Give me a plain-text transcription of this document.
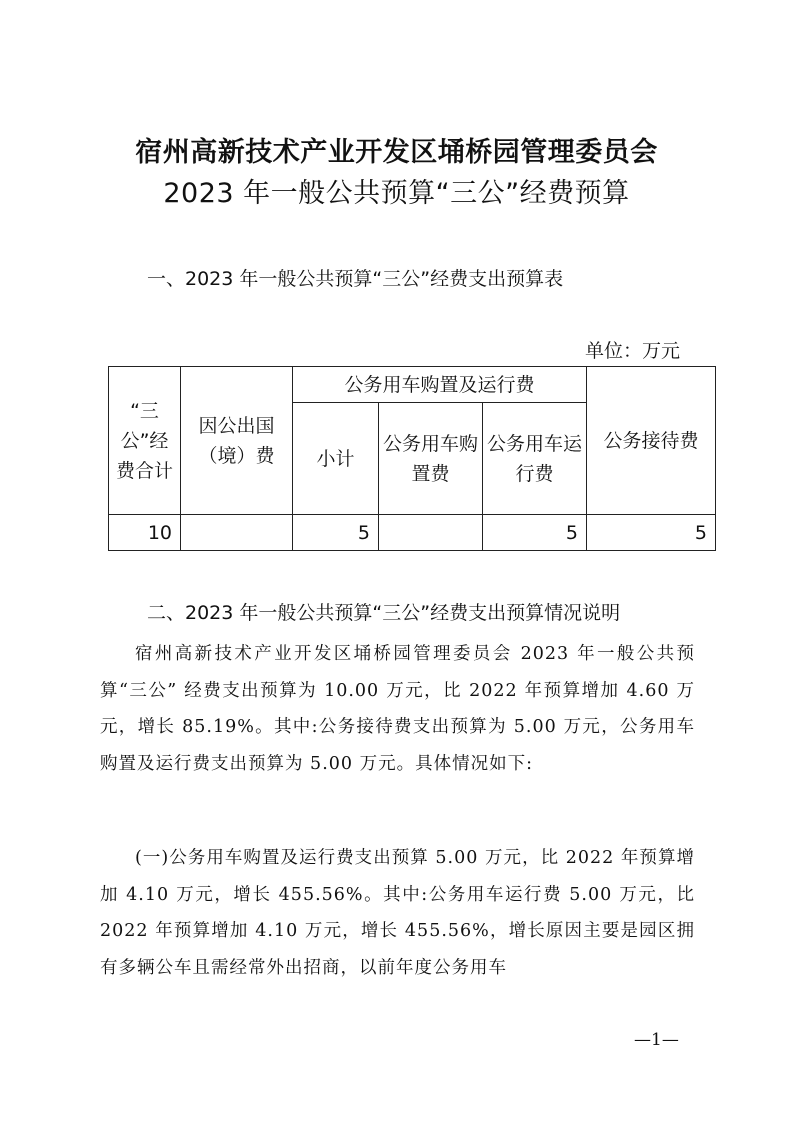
宿州高新技术产业开发区埇桥园管理委员会
2023 年一般公共预算“三公”经费预算
一、2023 年一般公共预算“三公”经费支出预算表
单位：万元
“三公”经费合计	因公出国（境）费	公务用车购置及运行费			公务接待费
		小计	公务用车购置费	公务用车运行费	
10		5		5	5
二、2023 年一般公共预算“三公”经费支出预算情况说明

宿州高新技术产业开发区埇桥园管理委员会 2023 年一般公共预算“三公” 经费支出预算为 10.00 万元，比 2022 年预算增加 4.60 万元，增长 85.19%。其中:公务接待费支出预算为 5.00 万元，公务用车购置及运行费支出预算为 5.00 万元。具体情况如下:

(一)公务用车购置及运行费支出预算 5.00 万元，比 2022 年预算增加 4.10 万元，增长 455.56%。其中:公务用车运行费 5.00 万元，比 2022 年预算增加 4.10 万元，增长 455.56%，增长原因主要是园区拥有多辆公车且需经常外出招商，以前年度公务用车

—1—
